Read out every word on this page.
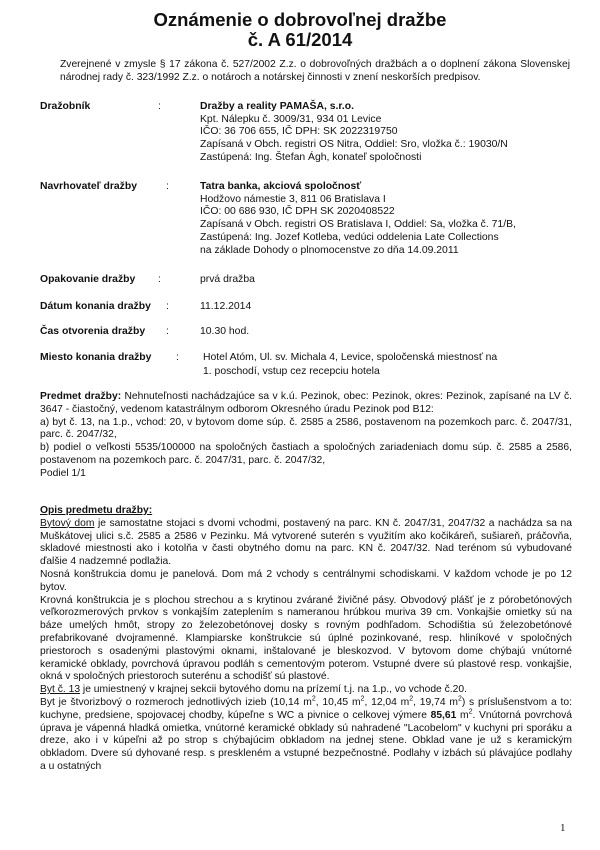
Oznámenie o dobrovoľnej dražbe
č. A 61/2014
Zverejnené v zmysle § 17 zákona č. 527/2002 Z.z. o dobrovoľných dražbách a o doplnení zákona Slovenskej národnej rady č. 323/1992 Z.z. o notároch a notárskej činnosti v znení neskorších predpisov.
Dražobník	:	Dražby a reality PAMAŠA, s.r.o.
Kpt. Nálepku č. 3009/31, 934 01 Levice
IČO: 36 706 655, IČ DPH: SK 2022319750
Zapísaná v Obch. registri OS Nitra, Oddiel: Sro, vložka č.: 19030/N
Zastúpená: Ing. Štefan Ágh, konateľ spoločnosti
Navrhovateľ dražby	:	Tatra banka, akciová spoločnosť
Hodžovo námestie 3, 811 06 Bratislava I
IČO: 00 686 930, IČ DPH SK 2020408522
Zapísaná v Obch. registri OS Bratislava I, Oddiel: Sa, vložka č. 71/B,
Zastúpená: Ing. Jozef Kotleba, vedúci oddelenia Late Collections
na základe Dohody o plnomocenstve zo dňa 14.09.2011
Opakovanie dražby :	prvá dražba
Dátum konania dražby :	11.12.2014
Čas otvorenia dražby :	10.30 hod.
Miesto konania dražby : Hotel Atóm, Ul. sv. Michala 4, Levice, spoločenská miestnosť na
1. poschodí, vstup cez recepciu hotela
Predmet dražby: Nehnuteľnosti nachádzajúce sa v k.ú. Pezinok, obec: Pezinok, okres: Pezinok, zapísané na LV č. 3647 - čiastočný, vedenom katastrálnym odborom Okresného úradu Pezinok pod B12:
a) byt č. 13, na 1.p., vchod: 20, v bytovom dome súp. č. 2585 a 2586, postavenom na pozemkoch parc. č. 2047/31, parc. č. 2047/32,
b) podiel o veľkosti 5535/100000 na spoločných častiach a spoločných zariadeniach domu súp. č. 2585 a 2586, postavenom na pozemkoch parc. č. 2047/31, parc. č. 2047/32,
Podiel 1/1
Opis predmetu dražby:
Bytový dom je samostatne stojaci s dvomi vchodmi, postavený na parc. KN č. 2047/31, 2047/32 a nachádza sa na Muškátovej ulici s.č. 2585 a 2586 v Pezinku. Má vytvorené suterén s využitím ako kočikáreň, sušiareň, práčovňa, skladové miestnosti ako i kotolňa v časti obytného domu na parc. KN č. 2047/32. Nad terénom sú vybudované ďalšie 4 nadzemné podlažia.
Nosná konštrukcia domu je panelová. Dom má 2 vchody s centrálnymi schodiskami. V každom vchode je po 12 bytov.
Krovná konštrukcia je s plochou strechou a s krytinou zvárané živičné pásy. Obvodový plášť je z pórobetónových veľkorozmerových prvkov s vonkajším zateplením s nameranou hrúbkou muriva 39 cm. Vonkajšie omietky sú na báze umelých hmôt, stropy zo železobetónovej dosky s rovným podhľadom. Schodištia sú železobetónové prefabrikované dvojramenné. Klampiarske konštrukcie sú úplné pozinkované, resp. hliníkové v spoločných priestoroch s osadenými plastovými oknami, inštalované je bleskozvod. V bytovom dome chýbajú vnútorné keramické obklady, povrchová úpravou podláh s cementovým poterom. Vstupné dvere sú plastové resp. vonkajšie, okná v spoločných priestoroch suterénu a schodišť sú plastové.
Byt č. 13 je umiestnený v krajnej sekcii bytového domu na prízemí t.j. na 1.p., vo vchode č.20.
Byt je štvorizbový o rozmeroch jednotlivých izieb (10,14 $m^2$, 10,45 $m^2$, 12,04 $m^2$, 19,74 $m^2$) s príslušenstvom a to: kuchyne, predsiene, spojovacej chodby, kúpeľne s WC a pivnice o celkovej výmere 85,61 $m^2$. Vnútorná povrchová úprava je vápenná hladká omietka, vnútorné keramické obklady sú nahradené "Lacobelom" v kuchyni pri sporáku a dreze, ako i v kúpeľni až po strop s chýbajúcim obkladom na jednej stene. Obklad vane je už s keramickým obkladom. Dvere sú dyhované resp. s preskleném a vstupné bezpečnostné. Podlahy v izbách sú plávajúce podlahy a u ostatných
1
